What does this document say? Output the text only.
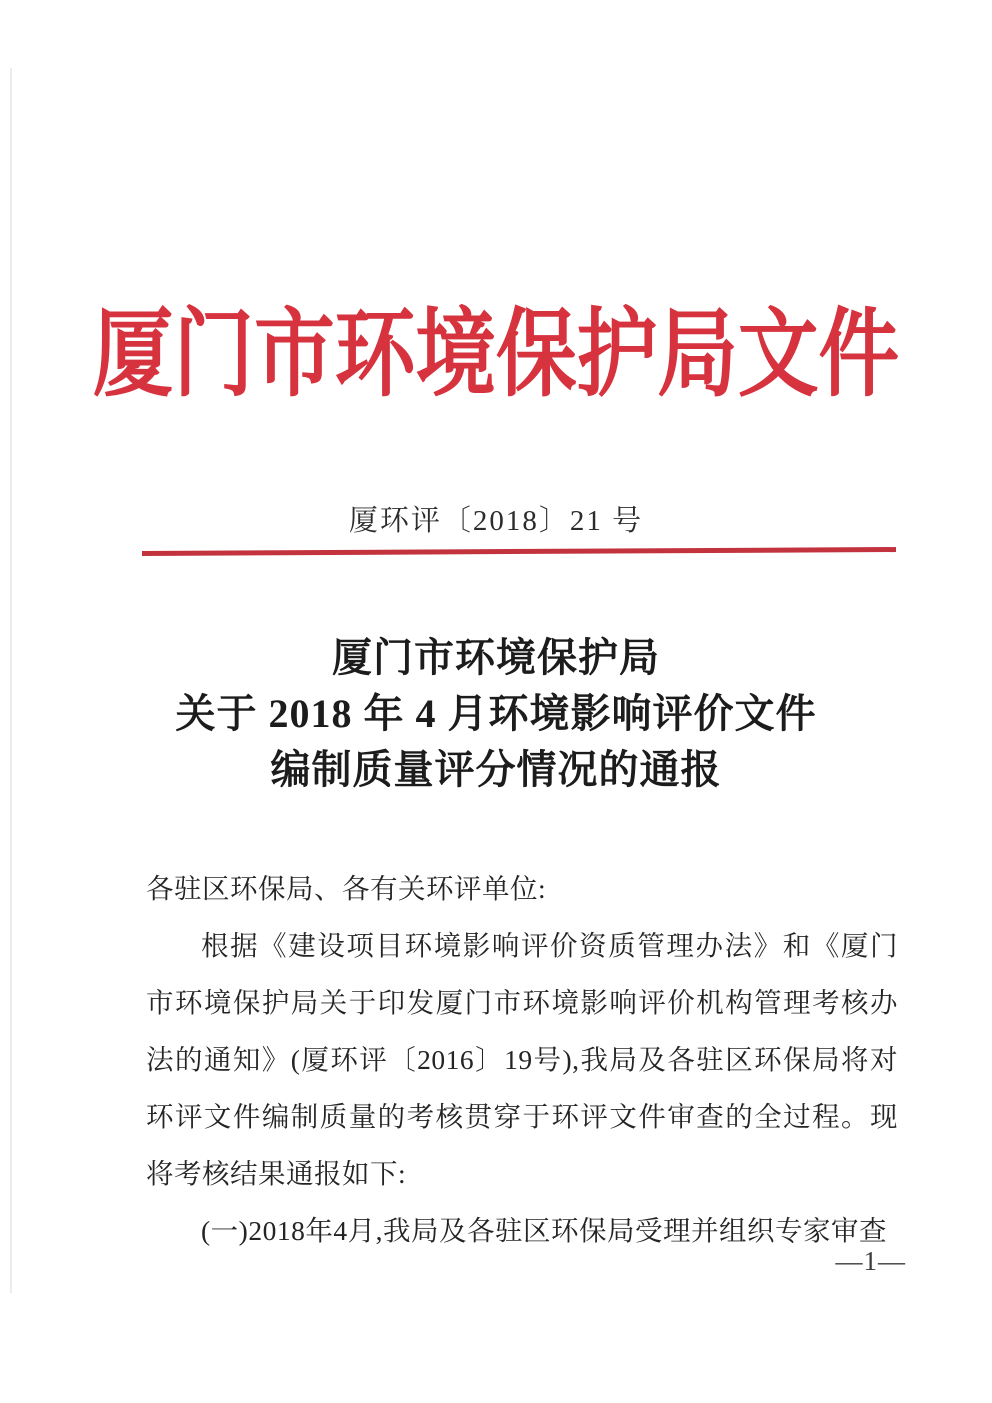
厦门市环境保护局文件
厦环评〔2018〕21 号
厦门市环境保护局
关于 2018 年 4 月环境影响评价文件
编制质量评分情况的通报

各驻区环保局、各有关环评单位:

根据《建设项目环境影响评价资质管理办法》和《厦门市环境保护局关于印发厦门市环境影响评价机构管理考核办法的通知》(厦环评〔2016〕19号),我局及各驻区环保局将对环评文件编制质量的考核贯穿于环评文件审查的全过程。现将考核结果通报如下:

(一)2018年4月,我局及各驻区环保局受理并组织专家审查

—1—
